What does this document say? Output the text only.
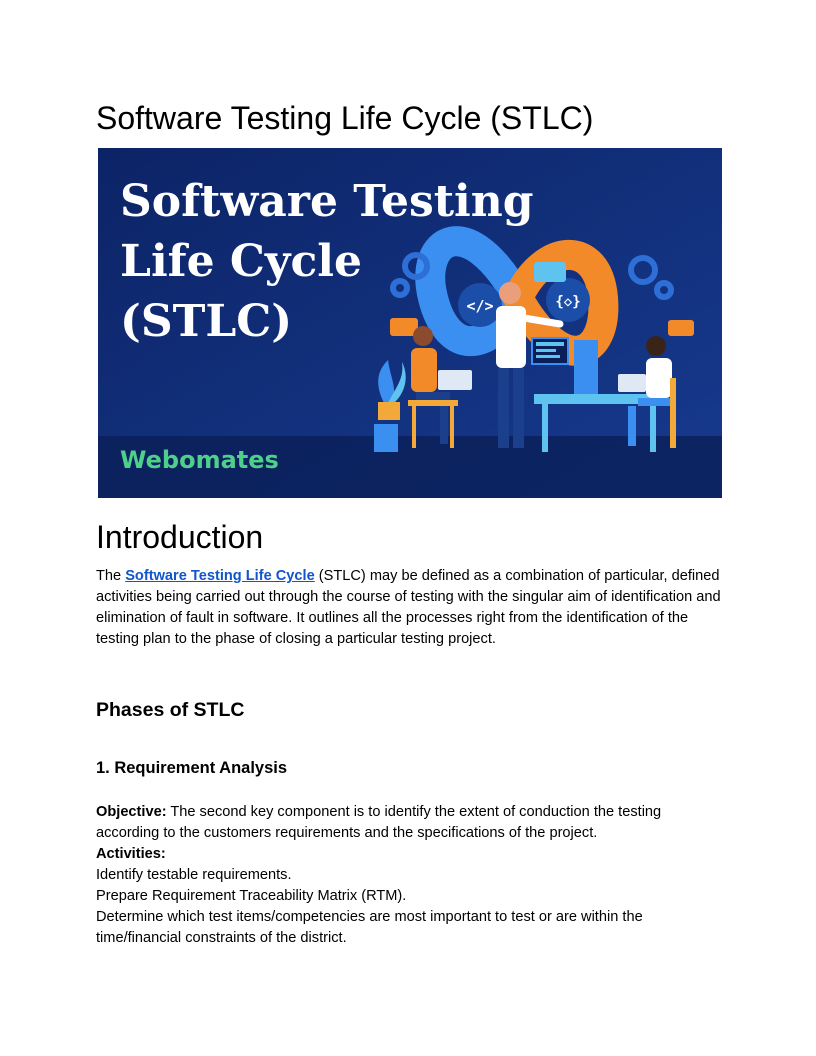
Software Testing Life Cycle (STLC)
Software Testing
Life Cycle
(STLC)
Webomates
</>	{◇}
Introduction

The Software Testing Life Cycle (STLC) may be defined as a combination of particular, defined activities being carried out through the course of testing with the singular aim of identification and elimination of fault in software. It outlines all the processes right from the identification of the testing plan to the phase of closing a particular testing project.

Phases of STLC
1. Requirement Analysis

Objective: The second key component is to identify the extent of conduction the testing according to the customers requirements and the specifications of the project.

Activities:
Identify testable requirements.
Prepare Requirement Traceability Matrix (RTM).
Determine which test items/competencies are most important to test or are within the time/financial constraints of the district.
